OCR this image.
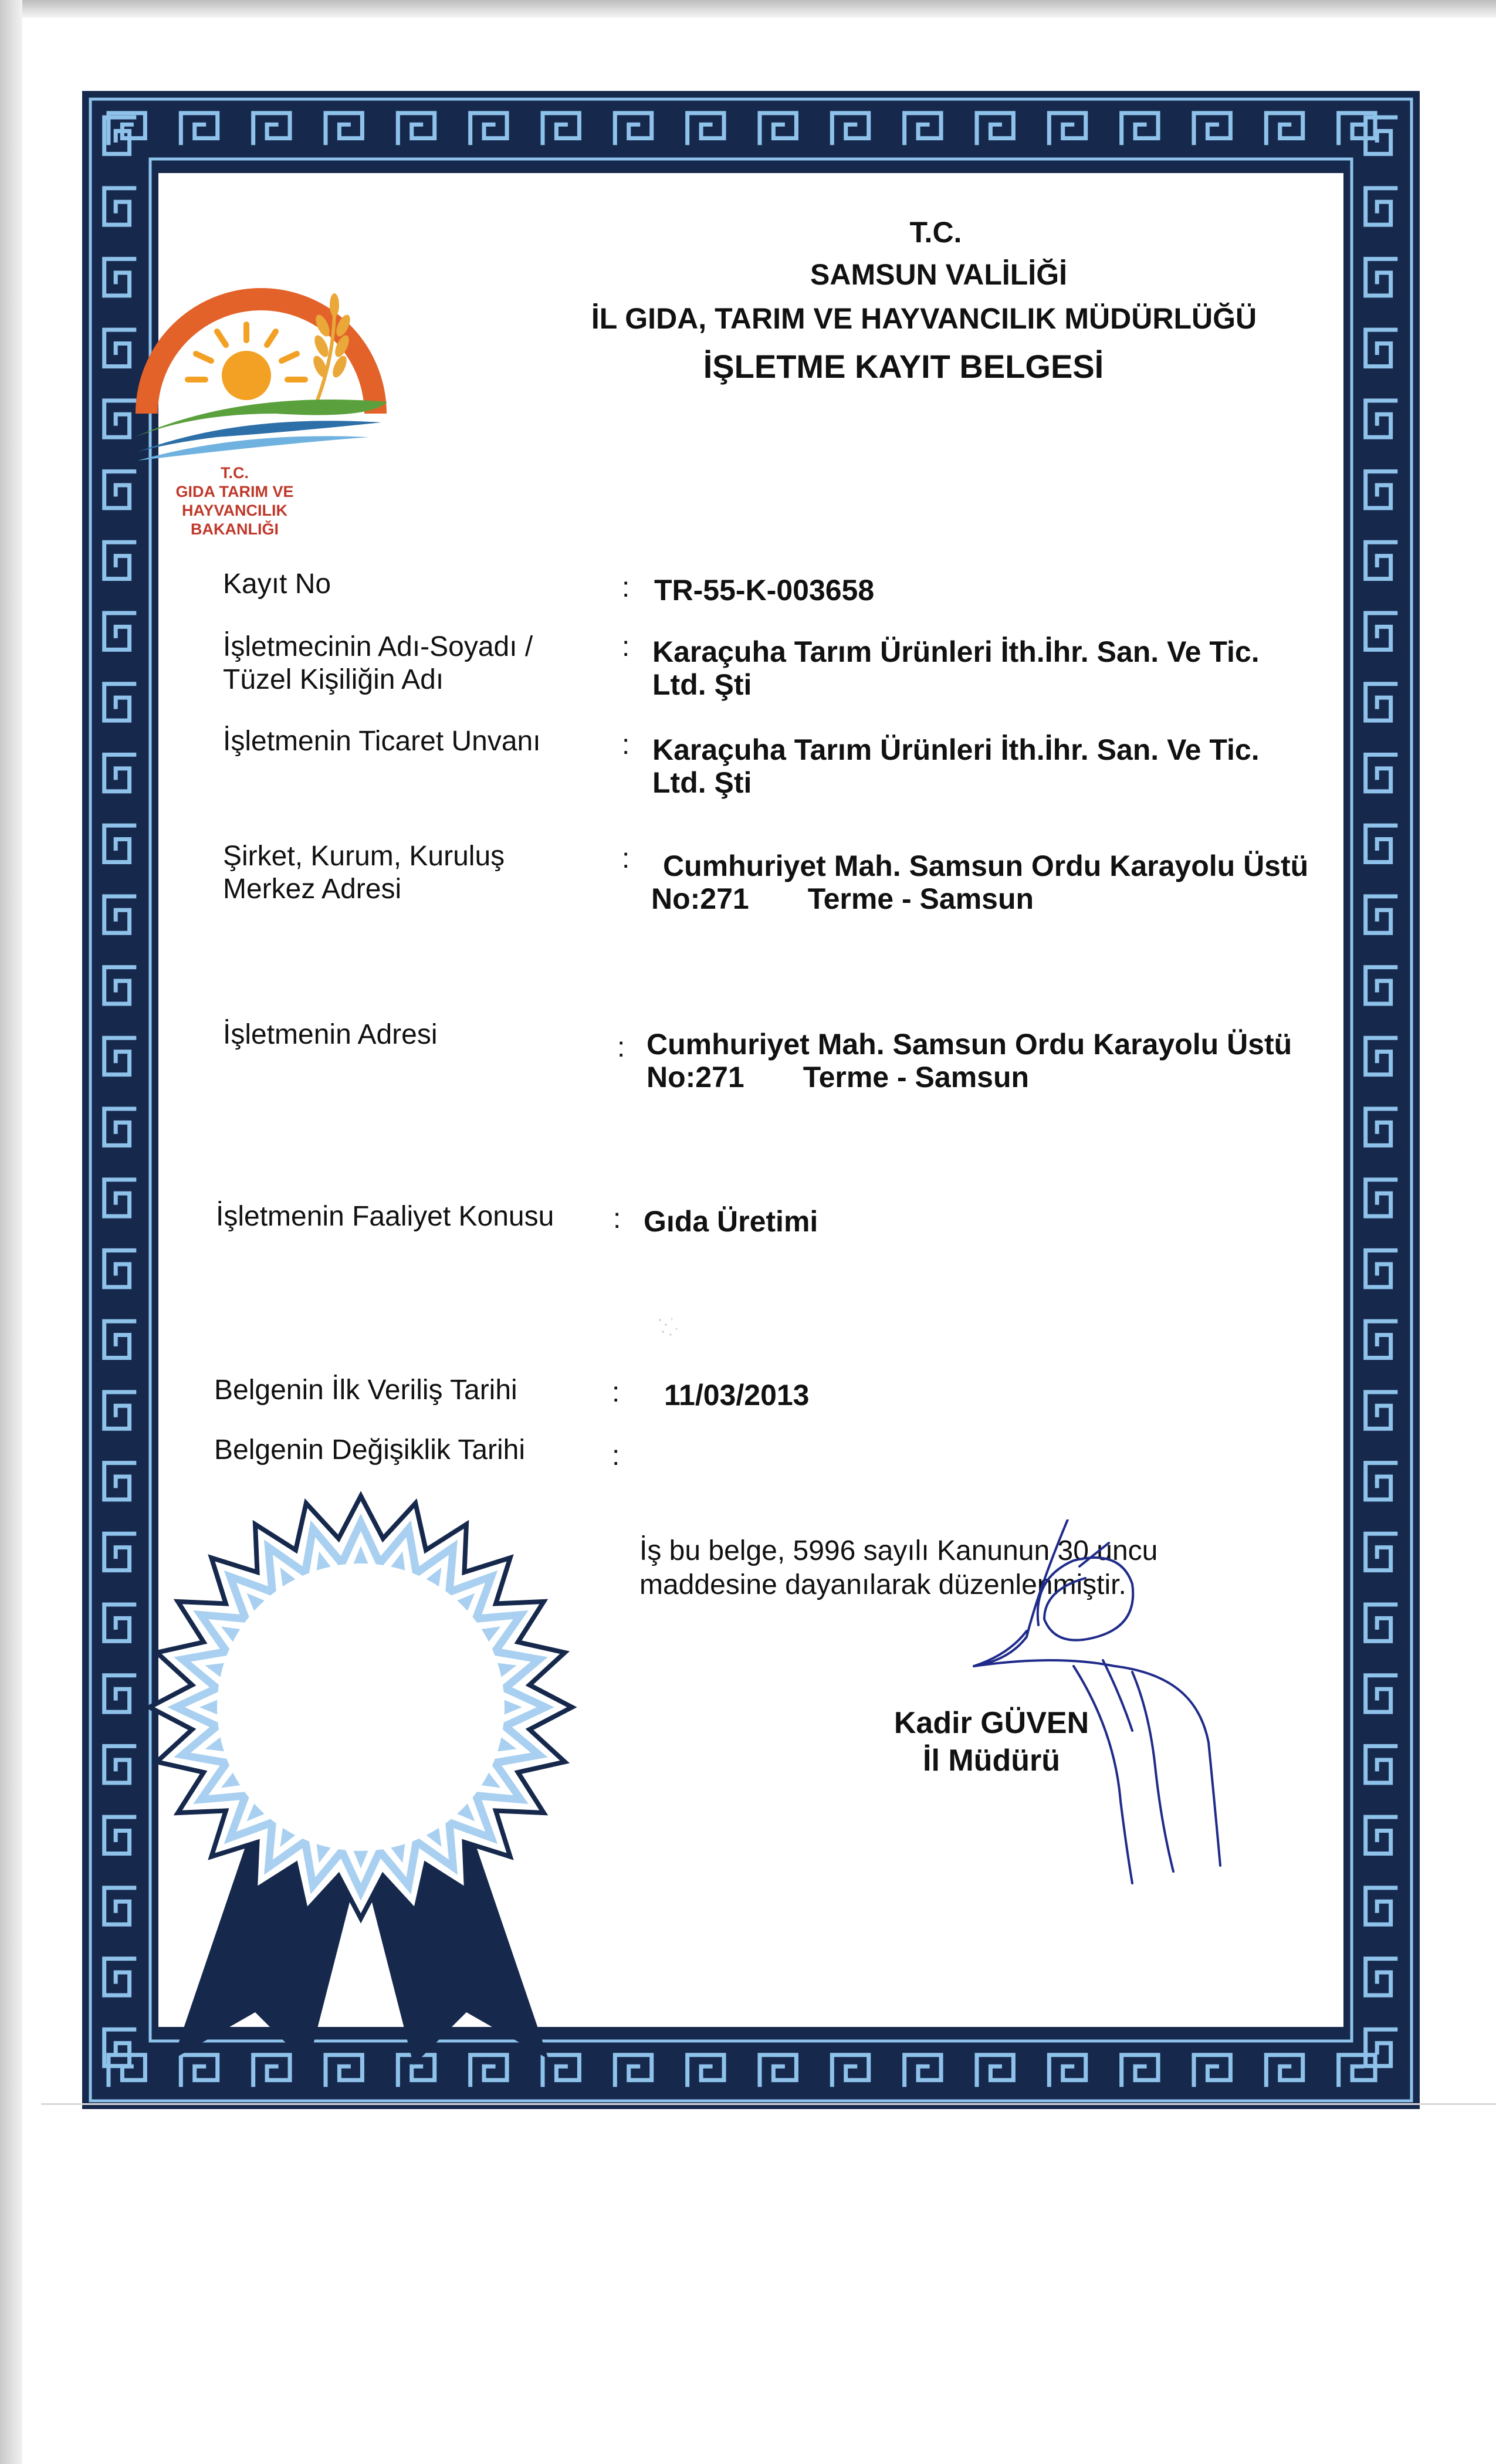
T.C.
GIDA TARIM VE HAYVANCILIK
BAKANLIĞI
T.C.
SAMSUN VALİLİĞİ
İL GIDA, TARIM VE HAYVANCILIK MÜDÜRLÜĞÜ
İŞLETME KAYIT BELGESİ
Kayıt No	: TR-55-K-003658
İşletmecinin Adı-Soyadı /
Tüzel Kişiliğin Adı
: Karaçuha Tarım Ürünleri İth.İhr. San. Ve Tic.
Ltd. Şti
İşletmenin Ticaret Unvanı	: Karaçuha Tarım Ürünleri İth.İhr. San. Ve Tic.
Ltd. Şti
Şirket, Kurum, Kuruluş
Merkez Adresi
:	Cumhuriyet Mah. Samsun Ordu Karayolu Üstü
No:271 Terme - Samsun
İşletmenin Adresi	: Cumhuriyet Mah. Samsun Ordu Karayolu Üstü
No:271 Terme - Samsun
İşletmenin Faaliyet Konusu	: Gıda Üretimi
Belgenin İlk Veriliş Tarihi	:	11/03/2013
Belgenin Değişiklik Tarihi	:
İş bu belge, 5996 sayılı Kanunun 30 uncu
maddesine dayanılarak düzenlenmiştir.
Kadir GÜVEN
İl Müdürü
